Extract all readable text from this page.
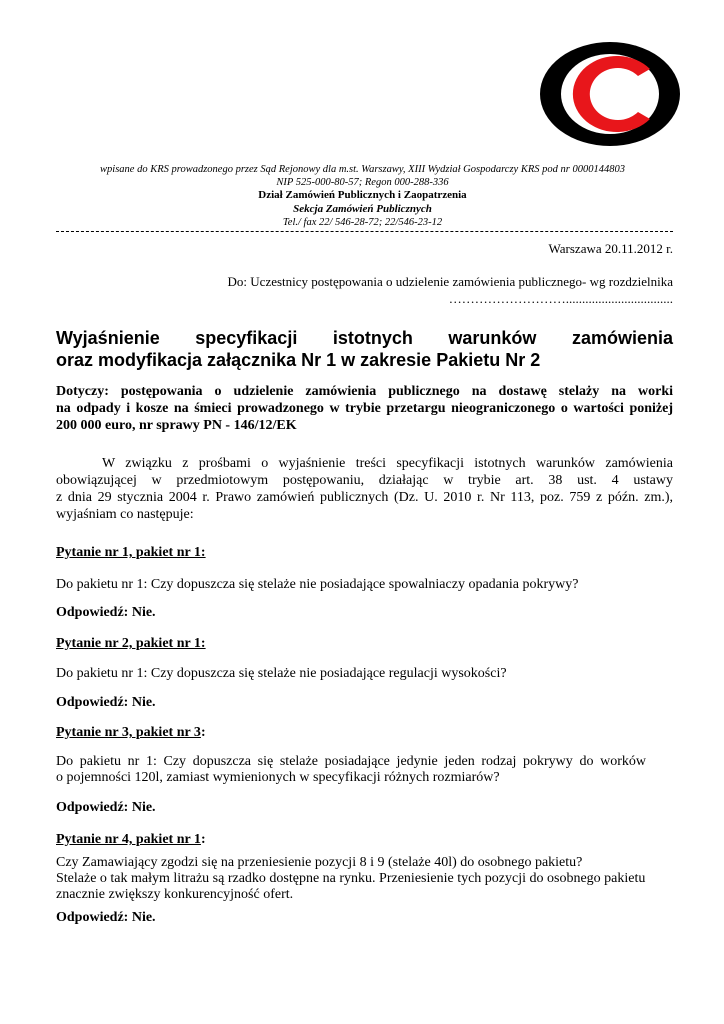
wpisane do KRS prowadzonego przez Sąd Rejonowy dla m.st. Warszawy, XIII Wydział Gospodarczy KRS pod nr 0000144803
NIP 525-000-80-57; Regon 000-288-336
Dział Zamówień Publicznych i Zaopatrzenia
Sekcja Zamówień Publicznych
Tel./ fax 22/ 546-28-72; 22/546-23-12
Warszawa 20.11.2012 r.
Do: Uczestnicy postępowania o udzielenie zamówienia publicznego- wg rozdzielnika
……………………….................................
Wyjaśnienie specyfikacji istotnych warunków zamówienia
oraz modyfikacja załącznika Nr 1 w zakresie Pakietu Nr 2
Dotyczy: postępowania o udzielenie zamówienia publicznego na dostawę stelaży na worki
na odpady i kosze na śmieci prowadzonego w trybie przetargu nieograniczonego o wartości poniżej
200 000 euro, nr sprawy PN - 146/12/EK
W związku z prośbami o wyjaśnienie treści specyfikacji istotnych warunków zamówienia
obowiązującej w przedmiotowym postępowaniu, działając w trybie art. 38 ust. 4 ustawy
z dnia 29 stycznia 2004 r. Prawo zamówień publicznych (Dz. U. 2010 r. Nr 113, poz. 759 z późn. zm.),
wyjaśniam co następuje:
Pytanie nr 1, pakiet nr 1:
Do pakietu nr 1: Czy dopuszcza się stelaże nie posiadające spowalniaczy opadania pokrywy?
Odpowiedź: Nie.
Pytanie nr 2, pakiet nr 1:
Do pakietu nr 1: Czy dopuszcza się stelaże nie posiadające regulacji wysokości?
Odpowiedź: Nie.
Pytanie nr 3, pakiet nr 3:
Do pakietu nr 1: Czy dopuszcza się stelaże posiadające jedynie jeden rodzaj pokrywy do worków
o pojemności 120l, zamiast wymienionych w specyfikacji różnych rozmiarów?
Odpowiedź: Nie.
Pytanie nr 4, pakiet nr 1:
Czy Zamawiający zgodzi się na przeniesienie pozycji 8 i 9 (stelaże 40l) do osobnego pakietu?
Stelaże o tak małym litrażu są rzadko dostępne na rynku. Przeniesienie tych pozycji do osobnego pakietu
znacznie zwiększy konkurencyjność ofert.
Odpowiedź: Nie.
